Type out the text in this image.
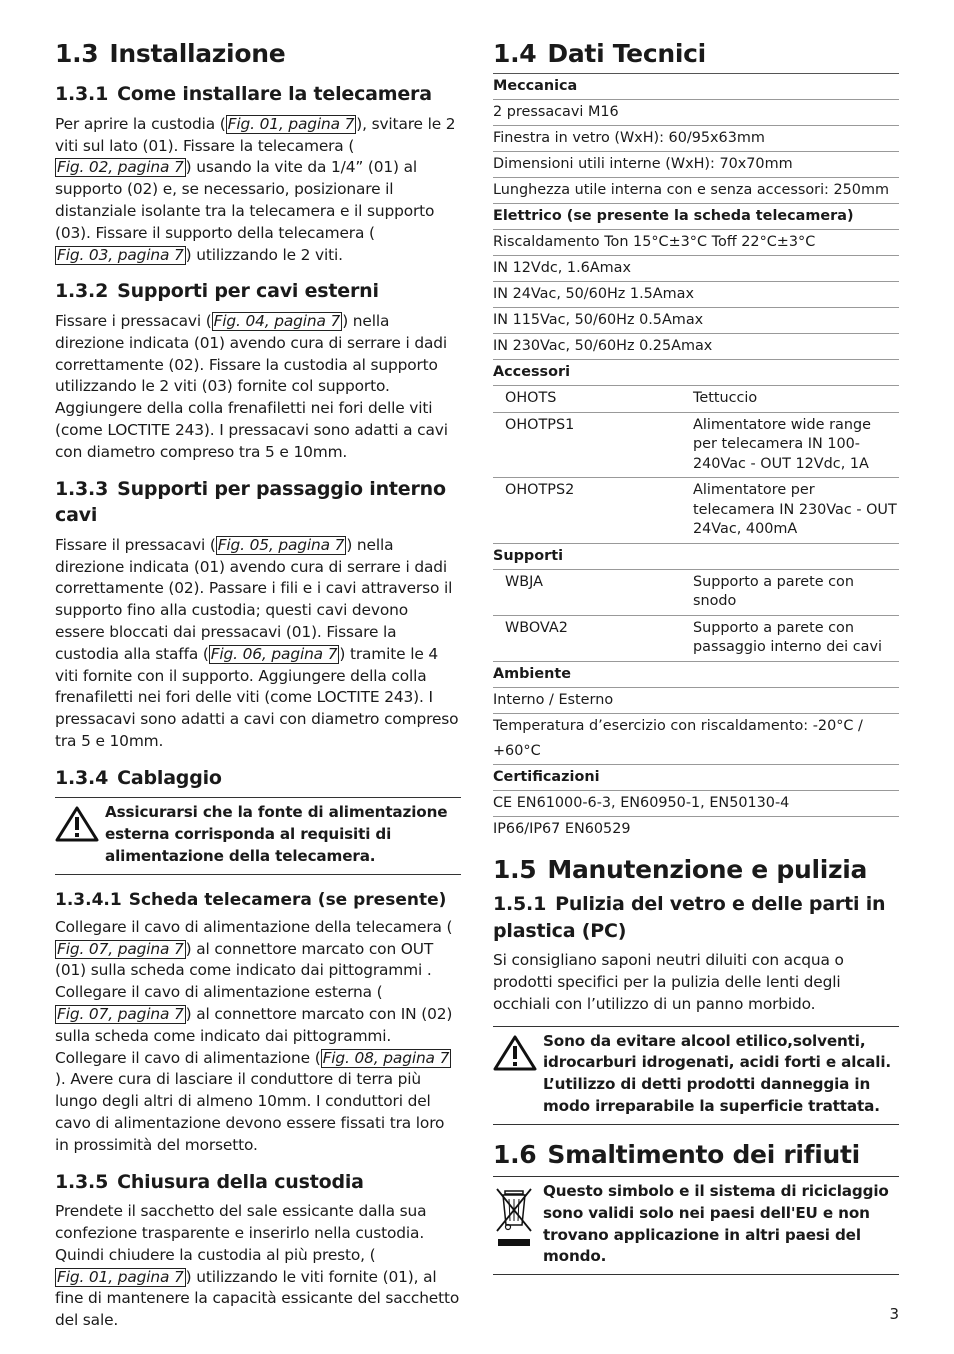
1.3 Installazione
1.3.1 Come installare la telecamera

Per aprire la custodia ( Fig. 01, pagina 7 ), svitare le 2 viti sul lato (01). Fissare la telecamera (Fig. 02, pagina 7 ) usando la vite da 1/4” (01) al supporto (02) e, se necessario, posizionare il distanziale isolante tra la telecamera e il supporto (03). Fissare il supporto della telecamera (Fig. 03, pagina 7 ) utilizzando le 2 viti.

1.3.2 Supporti per cavi esterni

Fissare i pressacavi ( Fig. 04, pagina 7 ) nella direzione indicata (01) avendo cura di serrare i dadi correttamente (02). Fissare la custodia al supporto utilizzando le 2 viti (03) fornite col supporto. Aggiungere della colla frenafiletti nei fori delle viti (come LOCTITE 243). I pressacavi sono adatti a cavi con diametro compreso tra 5 e 10mm.

1.3.3 Supporti per passaggio interno cavi

Fissare il pressacavi ( Fig. 05, pagina 7 ) nella direzione indicata (01) avendo cura di serrare i dadi correttamente (02). Passare i fili e i cavi attraverso il supporto fino alla custodia; questi cavi devono essere bloccati dai pressacavi (01). Fissare la custodia alla staffa ( Fig. 06, pagina 7 ) tramite le 4 viti fornite con il supporto. Aggiungere della colla frenafiletti nei fori delle viti (come LOCTITE 243). I pressacavi sono adatti a cavi con diametro compreso tra 5 e 10mm.

1.3.4 Cablaggio
Assicurarsi che la fonte di alimentazione esterna corrisponda al requisiti di alimentazione della telecamera.
1.3.4.1 Scheda telecamera (se presente)

Collegare il cavo di alimentazione della telecamera (Fig. 07, pagina 7 ) al connettore marcato con OUT (01) sulla scheda come indicato dai pittogrammi . Collegare il cavo di alimentazione esterna (Fig. 07, pagina 7 ) al connettore marcato con IN (02) sulla scheda come indicato dai pittogrammi. Collegare il cavo di alimentazione ( Fig. 08, pagina 7). Avere cura di lasciare il conduttore di terra più lungo degli altri di almeno 10mm. I conduttori del cavo di alimentazione devono essere fissati tra loro in prossimità del morsetto.

1.3.5 Chiusura della custodia

Prendete il sacchetto del sale essicante dalla sua confezione trasparente e inserirlo nella custodia. Quindi chiudere la custodia al più presto, (Fig. 01, pagina 7 ) utilizzando le viti fornite (01), al fine di mantenere la capacità essicante del sacchetto del sale.

1.4 Dati Tecnici
Meccanica	
2 pressacavi M16	
Finestra in vetro (WxH): 60/95x63mm	
Dimensioni utili interne (WxH): 70x70mm	
Lunghezza utile interna con e senza accessori: 250mm	
Elettrico (se presente la scheda telecamera)	
Riscaldamento Ton 15°C±3°C Toff 22°C±3°C	
IN 12Vdc, 1.6Amax	
IN 24Vac, 50/60Hz 1.5Amax	
IN 115Vac, 50/60Hz 0.5Amax	
IN 230Vac, 50/60Hz 0.25Amax	
Accessori	
OHOTS	Tettuccio
OHOTPS1	Alimentatore wide range per telecamera IN 100-240Vac - OUT 12Vdc, 1A
OHOTPS2	Alimentatore per telecamera IN 230Vac - OUT 24Vac, 400mA
Supporti	
WBJA	Supporto a parete con snodo
WBOVA2	Supporto a parete con passaggio interno dei cavi
Ambiente	
Interno / Esterno	
Temperatura d’esercizio con riscaldamento: -20°C / +60°C	
Certificazioni	
CE EN61000-6-3, EN60950-1, EN50130-4	
IP66/IP67 EN60529	
1.5 Manutenzione e pulizia
1.5.1 Pulizia del vetro e delle parti in plastica (PC)

Si consigliano saponi neutri diluiti con acqua o prodotti specifici per la pulizia delle lenti degli occhiali con l’utilizzo di un panno morbido.

Sono da evitare alcool etilico,solventi, idrocarburi idrogenati, acidi forti e alcali. L’utilizzo di detti prodotti danneggia in modo irreparabile la superficie trattata.
1.6 Smaltimento dei rifiuti
Questo simbolo e il sistema di riciclaggio sono validi solo nei paesi dell'EU e non trovano applicazione in altri paesi del mondo.
3
